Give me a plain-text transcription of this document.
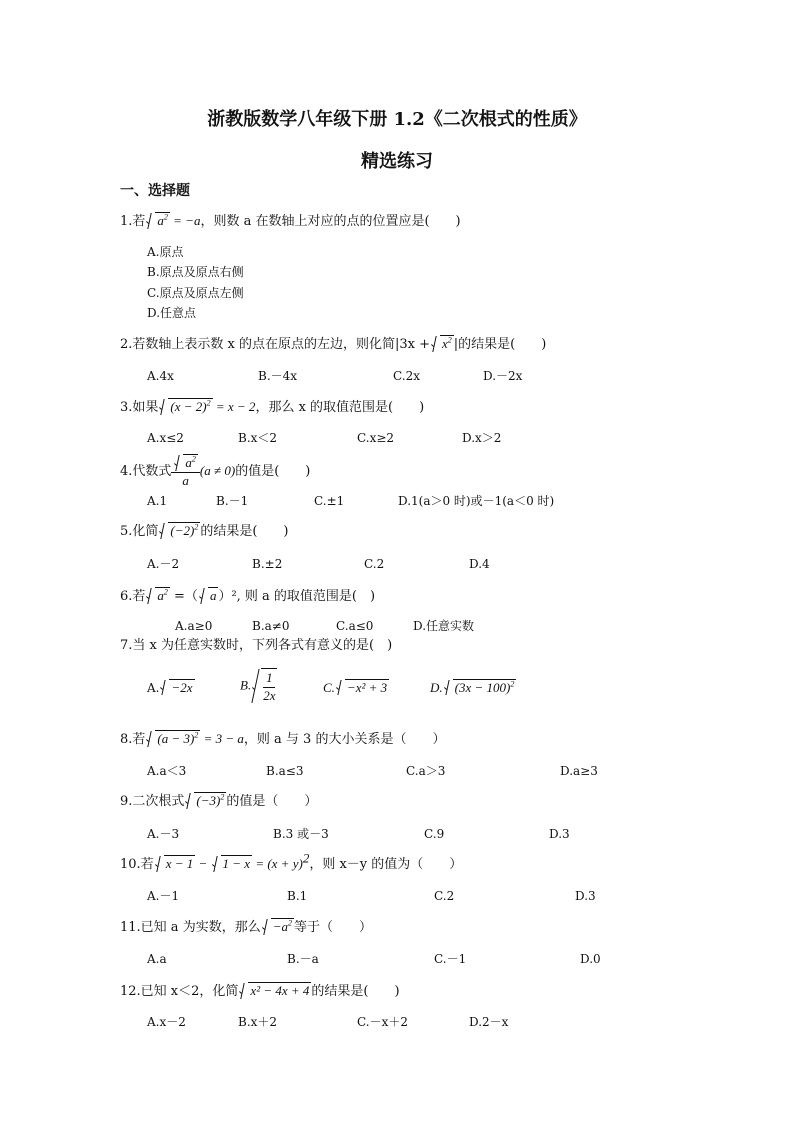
浙教版数学八年级下册 1.2《二次根式的性质》
精选练习
一、选择题
1.若 $a^2 = -a$，则数 a 在数轴上对应的点的位置应是(　　)
A.原点
B.原点及原点右侧
C.原点及原点左侧
D.任意点
2.若数轴上表示数 x 的点在原点的左边，则化简$|3x + x^2$ |的结果是(　　)
A.4x	B.－4x	C.2x	D.－2x
3.如果 $(x - 2)^2 = x - 2$，那么 x 的取值范围是(　　)
A.x≤2	B.x＜2	C.x≥2	D.x＞2
4.代数式 $\frac{a^2}{a} (a \ne 0)$的值是(　　)
A.1	B.－1	C.±1	D.1(a＞0 时)或－1(a＜0 时)
5.化简 $(-2)^2$ 的结果是(　　)
A.－2	B.±2	C.2	D.4
6.若 $a^2$ =（ a ）², 则 a 的取值范围是(　)
A.a≥0	B.a≠0	C.a≤0	D.任意实数
7.当 x 为任意实数时，下列各式有意义的是(　)
A. −2x	B. $\frac{1}{2x}$	C. −x² + 3	D. $(3x - 100)^2$
8.若 $(a - 3)^2 = 3 - a$，则 a 与 3 的大小关系是（　　）
A.a＜3	B.a≤3	C.a＞3	D.a≥3
9.二次根式 $(-3)^2$ 的值是（　　）
A.－3	B.3 或－3	C.9	D.3
10.若 $x - 1 - 1 - x = (x + y)^2$，则 x－y 的值为（　　）
A.－1	B.1	C.2	D.3
11.已知 a 为实数，那么 $-a^2$ 等于（　　）
A.a	B.－a	C.－1	D.0
12.已知 x＜2，化简 x² − 4x + 4 的结果是(　　)
A.x－2	B.x＋2	C.－x＋2	D.2－x
